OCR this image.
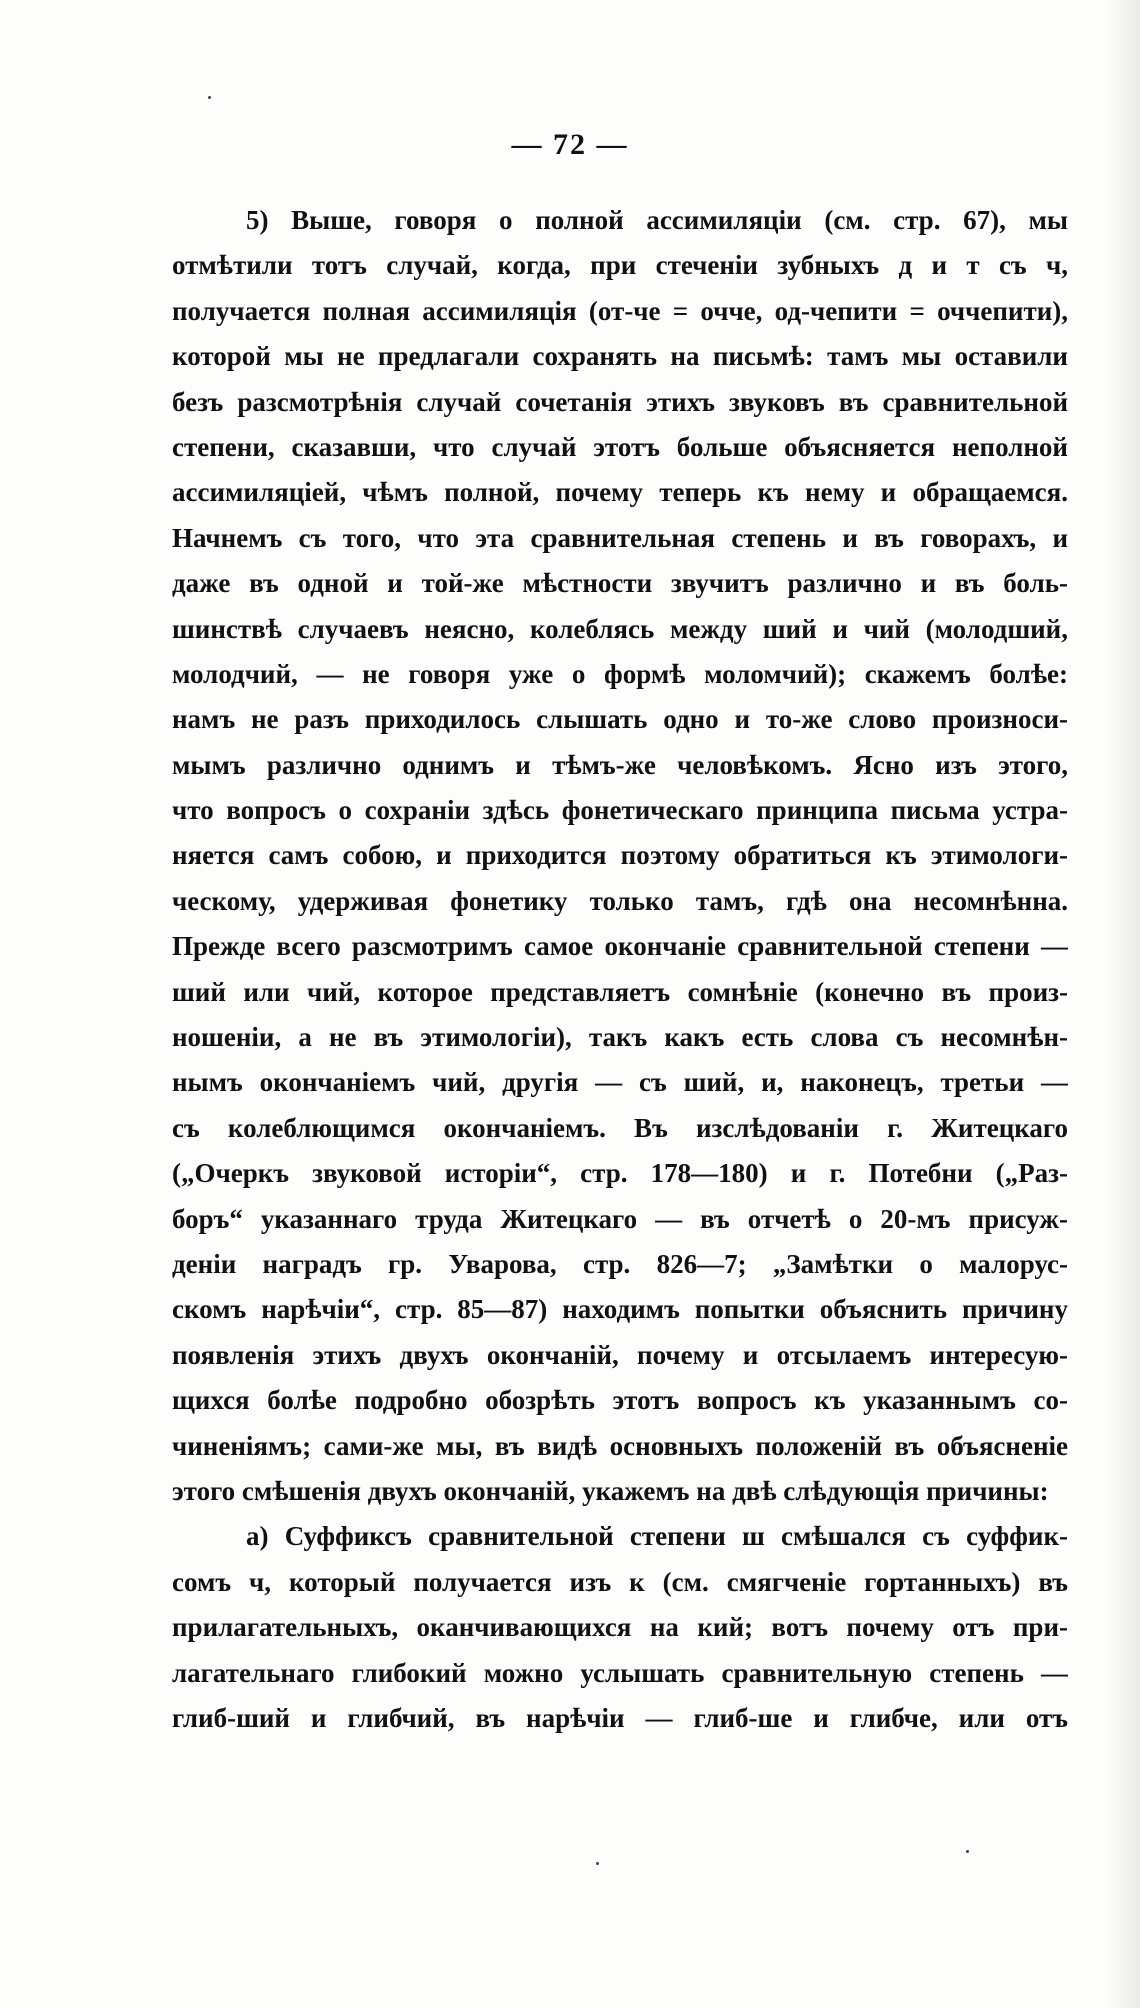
— 72 —
5) Выше, говоря о полной ассимиляціи (см. стр. 67), мы
отмѣтили тотъ случай, когда, при стеченіи зубныхъ д и т съ ч,
получается полная ассимиляція (от-че = очче, од-чепити = оччепити),
которой мы не предлагали сохранять на письмѣ: тамъ мы оставили
безъ разсмотрѣнія случай сочетанія этихъ звуковъ въ сравнительной
степени, сказавши, что случай этотъ больше объясняется неполной
ассимиляціей, чѣмъ полной, почему теперь къ нему и обращаемся.
Начнемъ съ того, что эта сравнительная степень и въ говорахъ, и
даже въ одной и той-же мѣстности звучитъ различно и въ боль-
шинствѣ случаевъ неясно, колеблясь между ший и чий (молодший,
молодчий, — не говоря уже о формѣ моломчий); скажемъ болѣе:
намъ не разъ приходилось слышать одно и то-же слово произноси-
мымъ различно однимъ и тѣмъ-же человѣкомъ. Ясно изъ этого,
что вопросъ о сохраніи здѣсь фонетическаго принципа письма устра-
няется самъ собою, и приходится поэтому обратиться къ этимологи-
ческому, удерживая фонетику только тамъ, гдѣ она несомнѣнна.
Прежде всего разсмотримъ самое окончаніе сравнительной степени —
ший или чий, которое представляетъ сомнѣніе (конечно въ произ-
ношеніи, а не въ этимологіи), такъ какъ есть слова съ несомнѣн-
нымъ окончаніемъ чий, другія — съ ший, и, наконецъ, третьи —
съ колеблющимся окончаніемъ. Въ изслѣдованіи г. Житецкаго
(„Очеркъ звуковой исторіи“, стр. 178—180) и г. Потебни („Раз-
боръ“ указаннаго труда Житецкаго — въ отчетѣ о 20-мъ присуж-
деніи наградъ гр. Уварова, стр. 826—7; „Замѣтки о малорус-
скомъ нарѣчіи“, стр. 85—87) находимъ попытки объяснить причину
появленія этихъ двухъ окончаній, почему и отсылаемъ интересую-
щихся болѣе подробно обозрѣть этотъ вопросъ къ указаннымъ со-
чиненіямъ; сами-же мы, въ видѣ основныхъ положеній въ объясненіе
этого смѣшенія двухъ окончаній, укажемъ на двѣ слѣдующія причины:
а) Суффиксъ сравнительной степени ш смѣшался съ суффик-
сомъ ч, который получается изъ к (см. смягченіе гортанныхъ) въ
прилагательныхъ, оканчивающихся на кий; вотъ почему отъ при-
лагательнаго глибокий можно услышать сравнительную степень —
глиб-ший и глибчий, въ нарѣчіи — глиб-ше и глибче, или отъ
